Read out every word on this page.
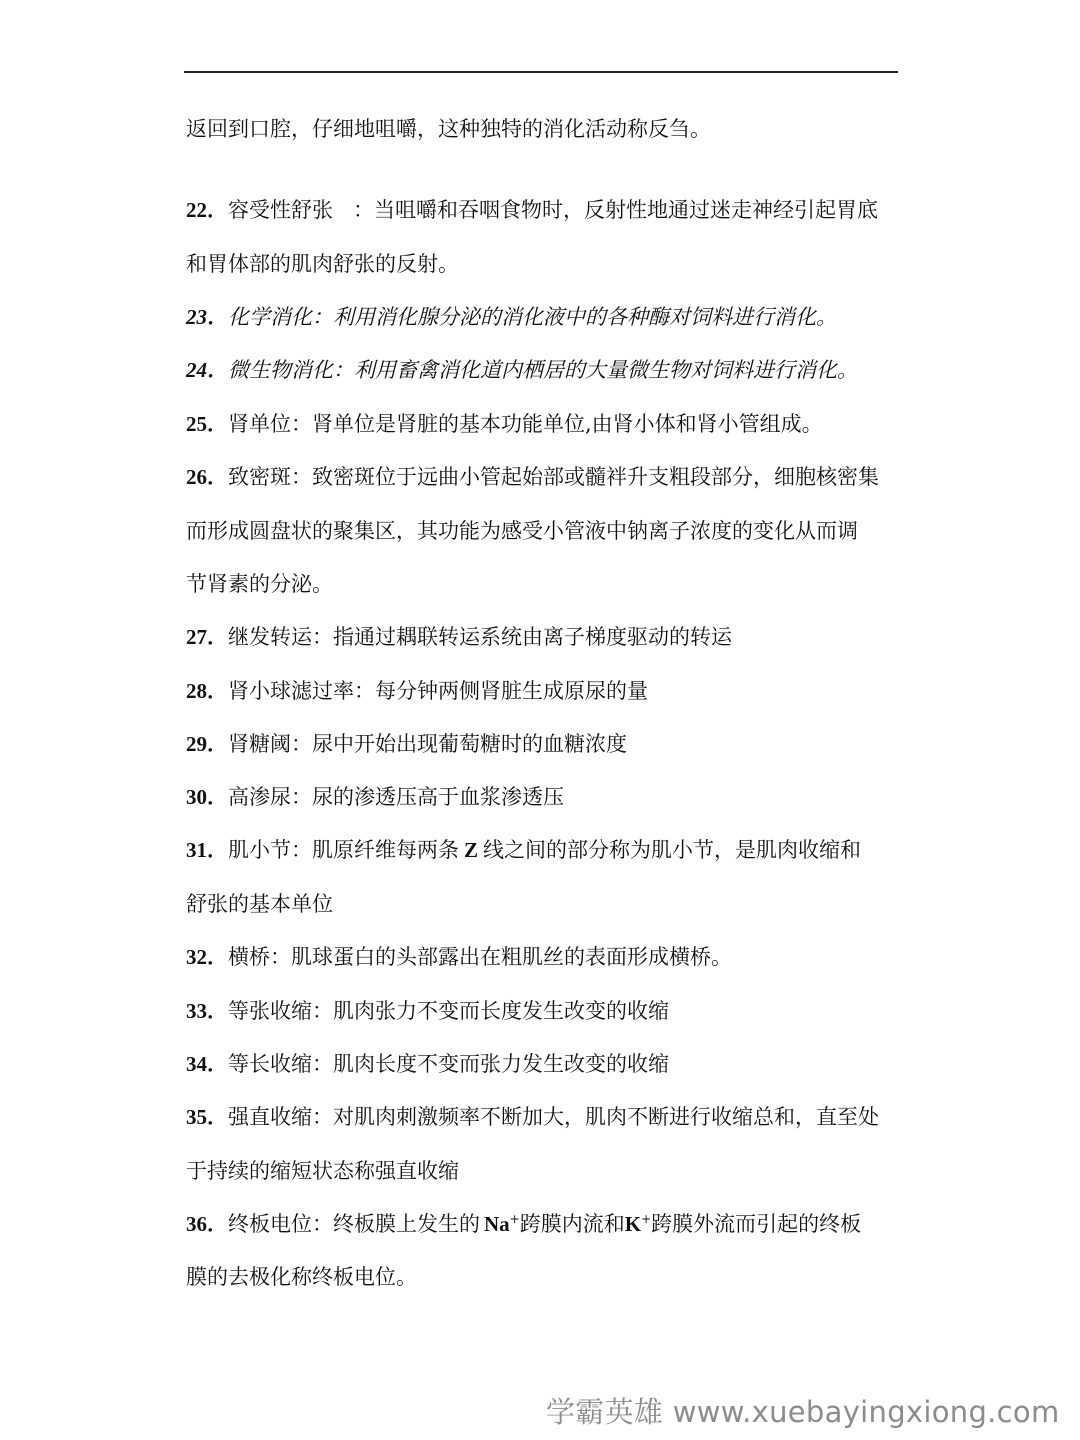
返回到口腔，仔细地咀嚼，这种独特的消化活动称反刍。
22．容受性舒张 ：当咀嚼和吞咽食物时，反射性地通过迷走神经引起胃底
和胃体部的肌肉舒张的反射。
23．化学消化：利用消化腺分泌的消化液中的各种酶对饲料进行消化。
24．微生物消化：利用畜禽消化道内栖居的大量微生物对饲料进行消化。
25．肾单位：肾单位是肾脏的基本功能单位,由肾小体和肾小管组成。
26．致密斑：致密斑位于远曲小管起始部或髓袢升支粗段部分，细胞核密集
而形成圆盘状的聚集区，其功能为感受小管液中钠离子浓度的变化从而调
节肾素的分泌。
27．继发转运：指通过耦联转运系统由离子梯度驱动的转运
28．肾小球滤过率：每分钟两侧肾脏生成原尿的量
29．肾糖阈：尿中开始出现葡萄糖时的血糖浓度
30．高渗尿：尿的渗透压高于血浆渗透压
31．肌小节：肌原纤维每两条 Z 线之间的部分称为肌小节，是肌肉收缩和
舒张的基本单位
32．横桥：肌球蛋白的头部露出在粗肌丝的表面形成横桥。
33．等张收缩：肌肉张力不变而长度发生改变的收缩
34．等长收缩：肌肉长度不变而张力发生改变的收缩
35．强直收缩：对肌肉刺激频率不断加大，肌肉不断进行收缩总和，直至处
于持续的缩短状态称强直收缩
36．终板电位：终板膜上发生的 Na+跨膜内流和K+跨膜外流而引起的终板
膜的去极化称终板电位。
学霸英雄 www.xuebayingxiong.com
